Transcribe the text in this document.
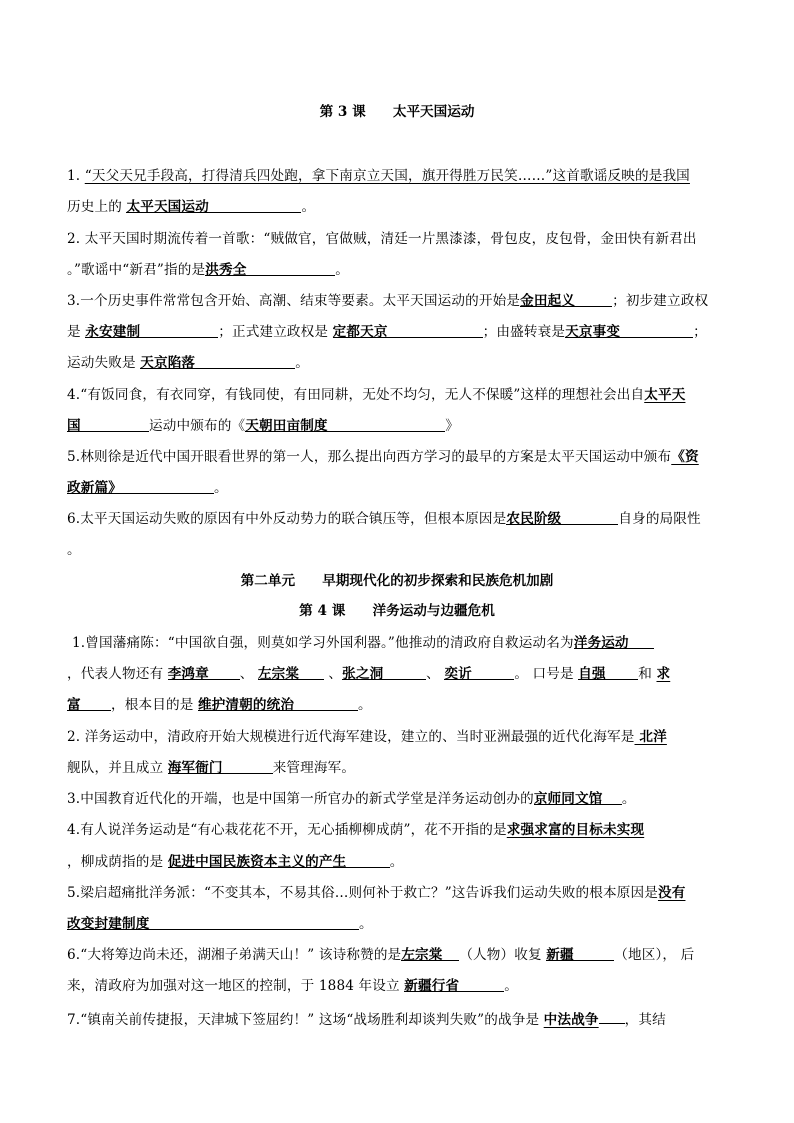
第 3 课　　太平天国运动
1. “天父天兄手段高，打得清兵四处跑，拿下南京立天国，旗开得胜万民笑……”这首歌谣反映的是我国
历史上的 太平天国运动	。
2. 太平天国时期流传着一首歌：“贼做官，官做贼，清廷一片黑漆漆，骨包皮，皮包骨，金田快有新君出
。”歌谣中“新君”指的是洪秀全	。
3.一个历史事件常常包含开始、高潮、结束等要素。太平天国运动的开始是金田起义	；初步建立政权
是 永安建制	；正式建立政权是 定都天京	；由盛转衰是天京事变	；
运动失败是 天京陷落	。
4.“有饭同食，有衣同穿，有钱同使，有田同耕，无处不均匀，无人不保暖”这样的理想社会出自太平天
国	运动中颁布的《天朝田亩制度	》
5.林则徐是近代中国开眼看世界的第一人，那么提出向西方学习的最早的方案是太平天国运动中颁布《资
政新篇》	。
6.太平天国运动失败的原因有中外反动势力的联合镇压等，但根本原因是农民阶级	自身的局限性
。
第二单元　　早期现代化的初步探索和民族危机加剧
第 4 课　　洋务运动与边疆危机
1.曾国藩痛陈：“中国欲自强，则莫如学习外国利器。”他推动的清政府自救运动名为洋务运动
，代表人物还有 李鸿章 、 左宗棠 、张之洞	、 奕䜣	。 口号是 自强 和 求
富 ，根本目的是 维护清朝的统治	。
2. 洋务运动中，清政府开始大规模进行近代海军建设，建立的、当时亚洲最强的近代化海军是 北洋
舰队，并且成立 海军衙门	来管理海军。
3.中国教育近代化的开端，也是中国第一所官办的新式学堂是洋务运动创办的京师同文馆 。
4.有人说洋务运动是“有心栽花花不开，无心插柳柳成荫”，花不开指的是求强求富的目标未实现
，柳成荫指的是 促进中国民族资本主义的产生	。
5.梁启超痛批洋务派：“不变其本，不易其俗…则何补于救亡？”这告诉我们运动失败的根本原因是没有
改变封建制度	。
6.“大将筹边尚未还，湖湘子弟满天山！” 该诗称赞的是左宗棠 （人物）收复 新疆	（地区）， 后
来，清政府为加强对这一地区的控制，于 1884 年设立 新疆行省	。
7.“镇南关前传捷报，天津城下签屈约！” 这场“战场胜利却谈判失败”的战争是 中法战争 ，其结
